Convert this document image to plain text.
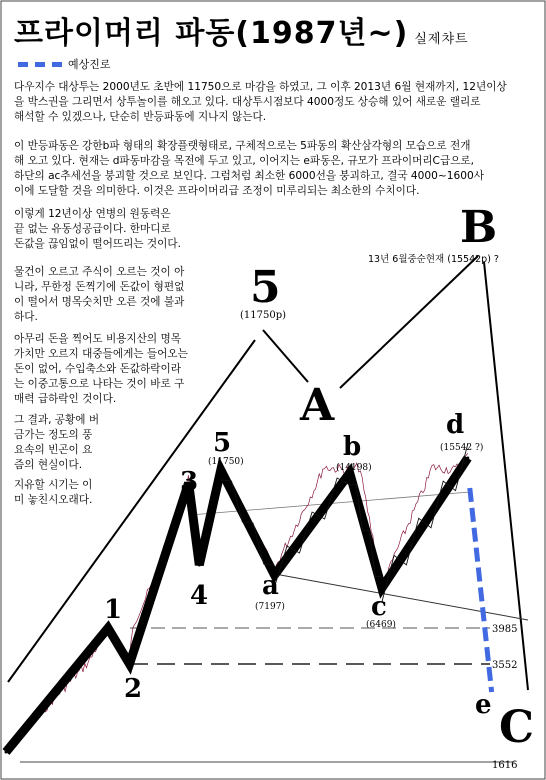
프라이머리 파동(1987년~) 실제챠트
예상진로

다우지수 대상투는 2000년도 초반에 11750으로 마감을 하였고, 그 이후 2013년 6월 현재까지, 12년이상
을 박스권을 그리면서 상투놀이를 해오고 있다. 대상투시점보다 4000정도 상승해 있어 새로운 랠리로
해석할 수 있겠으나, 단순히 반등파동에 지나지 않는다.

이 반등파동은 강한b파 형태의 확장플랫형태로, 구체적으로는 5파동의 확산삼각형의 모습으로 전개
해 오고 있다. 현재는 d파동마감을 목전에 두고 있고, 이어지는 e파동은, 규모가 프라이머리C급으로,
하단의 ac추세선을 붕괴할 것으로 보인다. 그럼처럼 최소한 6000선을 붕괴하고, 결국 4000~1600사
이에 도달할 것을 의미한다. 이것은 프라이머리급 조정이 미루리되는 최소한의 수치이다.

이렇게 12년이상 연병의 원동력은
끝 없는 유동성공급이다. 한마디로
돈값을 끊임없이 떨어뜨리는 것이다.

물건이 오르고 주식이 오르는 것이 아
니라, 무한정 돈찍기에 돈값이 형편없
이 떨어서 명목숫치만 오른 것에 불과
하다.

아무리 돈을 찍어도 비용지산의 명목
가치만 오르지 대중들에게는 들어오는
돈이 없어, 수입축소와 돈값하락이라
는 이중고통으로 나타는 것이 바로 구
매력 급하락인 것이다.

그 결과, 공황에 버
금가는 정도의 풍
요속의 빈곤이 요
즘의 현실이다.

지유할 시기는 이
미 놓친시오래다.

1
2
3
4
5
(11750)
a
(7197)
b
(14198)
c
(6469)
d
(15542 ?)
e
5
(11750p)
A
B
C
13년 6월중순현재 (15542p) ?
3985
3552
1616
